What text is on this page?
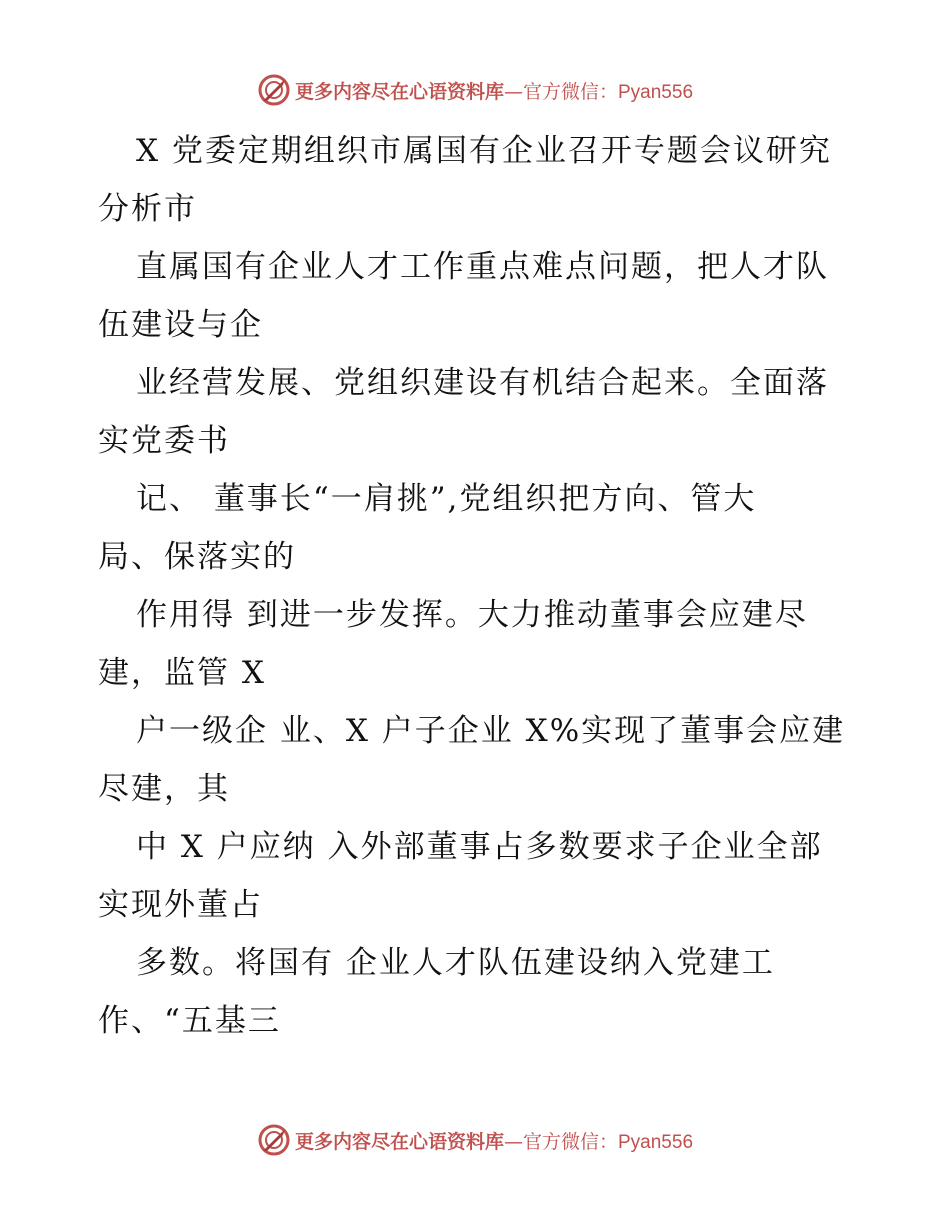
更多内容尽在心语资料库—官方微信：Pyan556
X 党委定期组织市属国有企业召开专题会议研究
分析市
直属国有企业人才工作重点难点问题，把人才队
伍建设与企
业经营发展、党组织建设有机结合起来。全面落
实党委书
记、 董事长“一肩挑”,党组织把方向、管大
局、保落实的
作用得 到进一步发挥。大力推动董事会应建尽
建，监管 X
户一级企 业、X 户子企业 X%实现了董事会应建
尽建，其
中 X 户应纳 入外部董事占多数要求子企业全部
实现外董占
多数。将国有 企业人才队伍建设纳入党建工
作、“五基三
更多内容尽在心语资料库—官方微信：Pyan556
